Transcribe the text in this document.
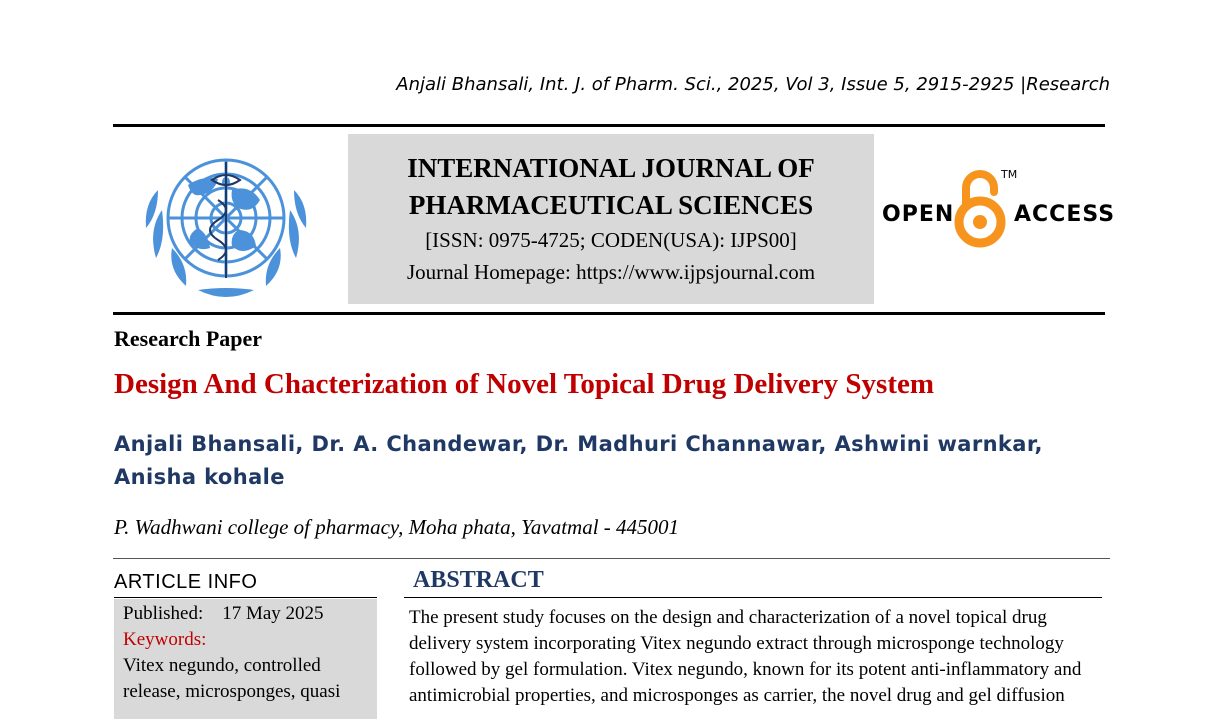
Anjali Bhansali, Int. J. of Pharm. Sci., 2025, Vol 3, Issue 5, 2915-2925 |Research
INTERNATIONAL JOURNAL OF
PHARMACEUTICAL SCIENCES
[ISSN: 0975-4725; CODEN(USA): IJPS00]
Journal Homepage: https://www.ijpsjournal.com
OPEN
TM
ACCESS
Research Paper
Design And Chacterization of Novel Topical Drug Delivery System
Anjali Bhansali, Dr. A. Chandewar, Dr. Madhuri Channawar, Ashwini warnkar,
Anisha kohale
P. Wadhwani college of pharmacy, Moha phata, Yavatmal - 445001
ARTICLE INFO
Published: 17 May 2025
Keywords:
Vitex negundo, controlled
release, microsponges, quasi
ABSTRACT
The present study focuses on the design and characterization of a novel topical drug
delivery system incorporating Vitex negundo extract through microsponge technology
followed by gel formulation. Vitex negundo, known for its potent anti-inflammatory and
antimicrobial properties, and microsponges as carrier, the novel drug and gel diffusion
